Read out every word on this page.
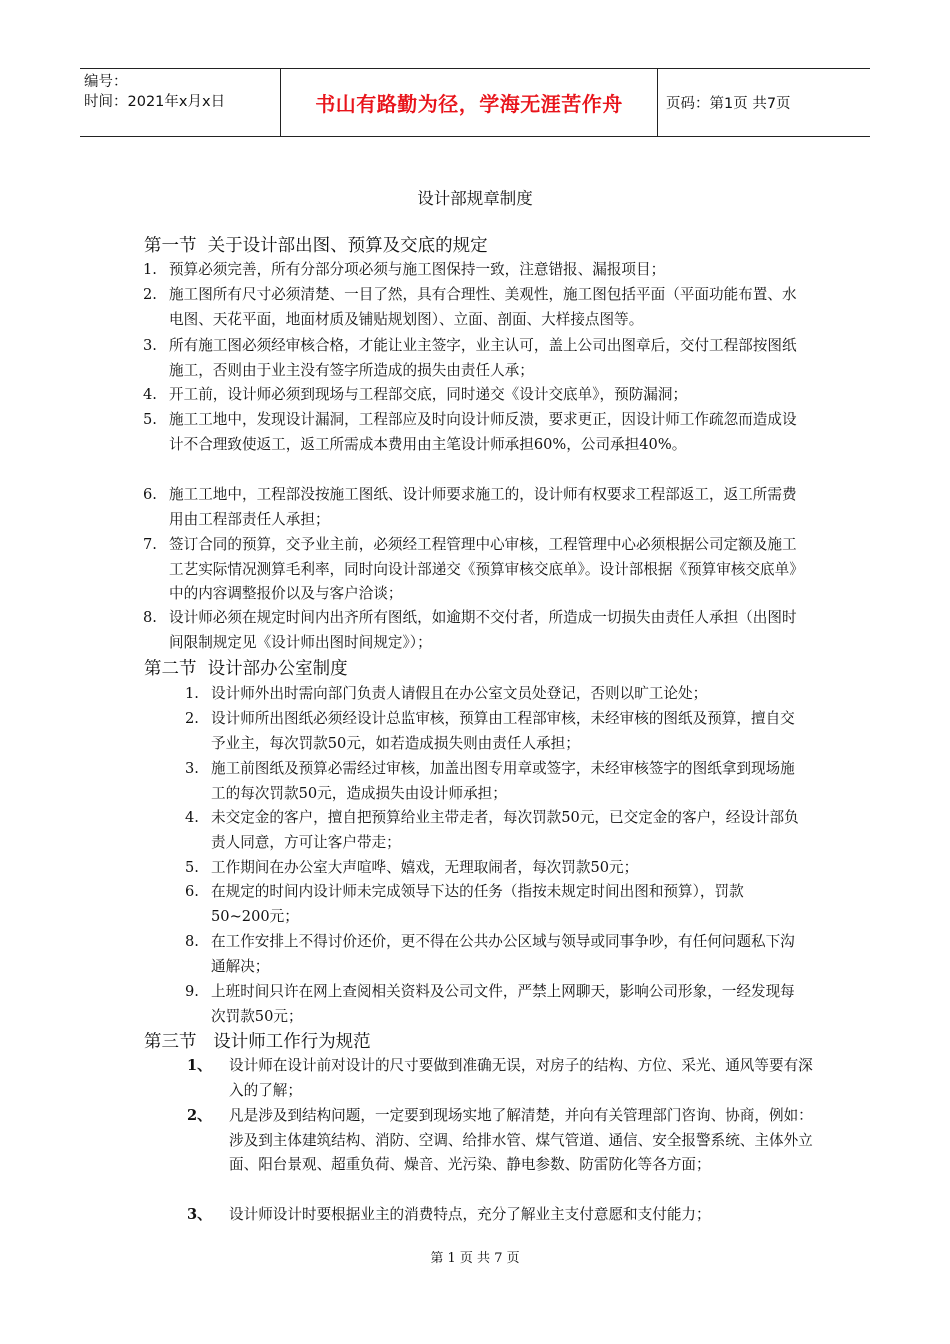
编号：
时间：2021年x月x日	书山有路勤为径，学海无涯苦作舟	页码：第1页 共7页
设计部规章制度
第一节  关于设计部出图、预算及交底的规定
1. 预算必须完善，所有分部分项必须与施工图保持一致，注意错报、漏报项目；
2. 施工图所有尺寸必须清楚、一目了然，具有合理性、美观性，施工图包括平面（平面功能布置、水电图、天花平面，地面材质及铺贴规划图）、立面、剖面、大样接点图等。
3. 所有施工图必须经审核合格，才能让业主签字，业主认可，盖上公司出图章后，交付工程部按图纸施工，否则由于业主没有签字所造成的损失由责任人承；
4. 开工前，设计师必须到现场与工程部交底，同时递交《设计交底单》，预防漏洞；
5. 施工工地中，发现设计漏洞，工程部应及时向设计师反溃，要求更正，因设计师工作疏忽而造成设计不合理致使返工，返工所需成本费用由主笔设计师承担60%，公司承担40%。
6. 施工工地中，工程部没按施工图纸、设计师要求施工的，设计师有权要求工程部返工，返工所需费用由工程部责任人承担；
7. 签订合同的预算，交予业主前，必须经工程管理中心审核，工程管理中心必须根据公司定额及施工工艺实际情况测算毛利率，同时向设计部递交《预算审核交底单》。设计部根据《预算审核交底单》中的内容调整报价以及与客户洽谈；
8. 设计师必须在规定时间内出齐所有图纸，如逾期不交付者，所造成一切损失由责任人承担（出图时间限制规定见《设计师出图时间规定》）；
第二节  设计部办公室制度
1. 设计师外出时需向部门负责人请假且在办公室文员处登记，否则以旷工论处；
2. 设计师所出图纸必须经设计总监审核，预算由工程部审核，未经审核的图纸及预算，擅自交予业主，每次罚款50元，如若造成损失则由责任人承担；
3. 施工前图纸及预算必需经过审核，加盖出图专用章或签字，未经审核签字的图纸拿到现场施工的每次罚款50元，造成损失由设计师承担；
4. 未交定金的客户，擅自把预算给业主带走者，每次罚款50元，已交定金的客户，经设计部负责人同意，方可让客户带走；
5. 工作期间在办公室大声喧哗、嬉戏，无理取闹者，每次罚款50元；
6. 在规定的时间内设计师未完成领导下达的任务（指按未规定时间出图和预算），罚款50~200元；
8. 在工作安排上不得讨价还价，更不得在公共办公区域与领导或同事争吵，有任何问题私下沟通解决；
9. 上班时间只许在网上查阅相关资料及公司文件，严禁上网聊天，影响公司形象，一经发现每次罚款50元；
第三节   设计师工作行为规范
1、 设计师在设计前对设计的尺寸要做到准确无误，对房子的结构、方位、采光、通风等要有深入的了解；
2、 凡是涉及到结构问题，一定要到现场实地了解清楚，并向有关管理部门咨询、协商，例如：涉及到主体建筑结构、消防、空调、给排水管、煤气管道、通信、安全报警系统、主体外立面、阳台景观、超重负荷、燥音、光污染、静电参数、防雷防化等各方面；
3、 设计师设计时要根据业主的消费特点，充分了解业主支付意愿和支付能力；
第 1 页 共 7 页
